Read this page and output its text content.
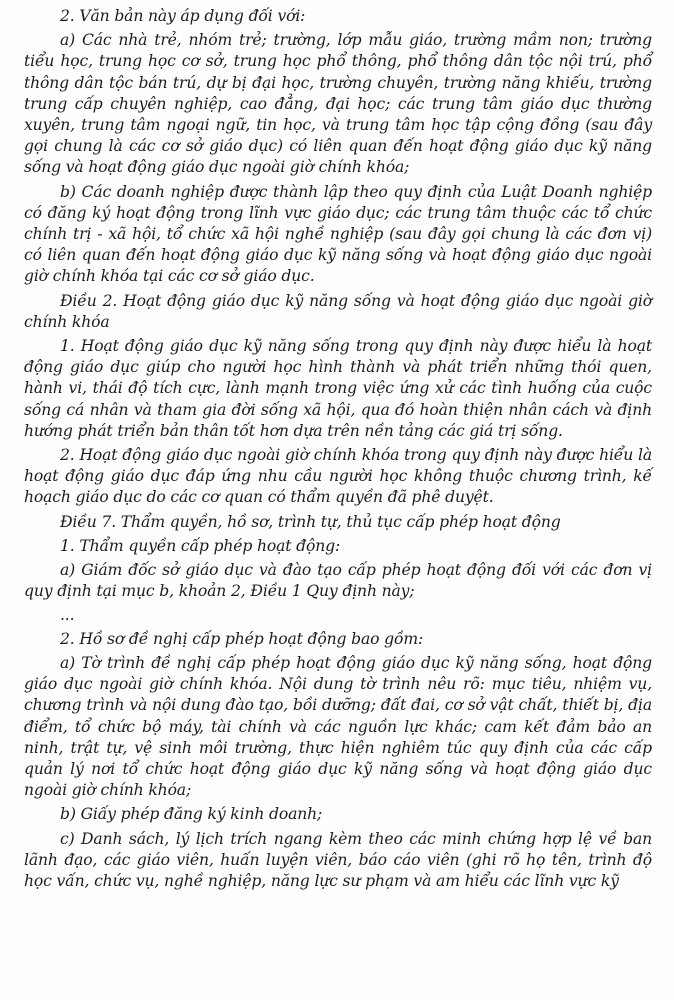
2. Văn bản này áp dụng đối với:

a) Các nhà trẻ, nhóm trẻ; trường, lớp mẫu giáo, trường mầm non; trường tiểu học, trung học cơ sở, trung học phổ thông, phổ thông dân tộc nội trú, phổ thông dân tộc bán trú, dự bị đại học, trường chuyên, trường năng khiếu, trường trung cấp chuyên nghiệp, cao đẳng, đại học; các trung tâm giáo dục thường xuyên, trung tâm ngoại ngữ, tin học, và trung tâm học tập cộng đồng (sau đây gọi chung là các cơ sở giáo dục) có liên quan đến hoạt động giáo dục kỹ năng sống và hoạt động giáo dục ngoài giờ chính khóa;

b) Các doanh nghiệp được thành lập theo quy định của Luật Doanh nghiệp có đăng ký hoạt động trong lĩnh vực giáo dục; các trung tâm thuộc các tổ chức chính trị - xã hội, tổ chức xã hội nghề nghiệp (sau đây gọi chung là các đơn vị) có liên quan đến hoạt động giáo dục kỹ năng sống và hoạt động giáo dục ngoài giờ chính khóa tại các cơ sở giáo dục.

Điều 2. Hoạt động giáo dục kỹ năng sống và hoạt động giáo dục ngoài giờ chính khóa

1. Hoạt động giáo dục kỹ năng sống trong quy định này được hiểu là hoạt động giáo dục giúp cho người học hình thành và phát triển những thói quen, hành vi, thái độ tích cực, lành mạnh trong việc ứng xử các tình huống của cuộc sống cá nhân và tham gia đời sống xã hội, qua đó hoàn thiện nhân cách và định hướng phát triển bản thân tốt hơn dựa trên nền tảng các giá trị sống.

2. Hoạt động giáo dục ngoài giờ chính khóa trong quy định này được hiểu là hoạt động giáo dục đáp ứng nhu cầu người học không thuộc chương trình, kế hoạch giáo dục do các cơ quan có thẩm quyền đã phê duyệt.

Điều 7. Thẩm quyền, hồ sơ, trình tự, thủ tục cấp phép hoạt động

1. Thẩm quyền cấp phép hoạt động:

a) Giám đốc sở giáo dục và đào tạo cấp phép hoạt động đối với các đơn vị quy định tại mục b, khoản 2, Điều 1 Quy định này;

...

2. Hồ sơ đề nghị cấp phép hoạt động bao gồm:

a) Tờ trình đề nghị cấp phép hoạt động giáo dục kỹ năng sống, hoạt động giáo dục ngoài giờ chính khóa. Nội dung tờ trình nêu rõ: mục tiêu, nhiệm vụ, chương trình và nội dung đào tạo, bồi dưỡng; đất đai, cơ sở vật chất, thiết bị, địa điểm, tổ chức bộ máy, tài chính và các nguồn lực khác; cam kết đảm bảo an ninh, trật tự, vệ sinh môi trường, thực hiện nghiêm túc quy định của các cấp quản lý nơi tổ chức hoạt động giáo dục kỹ năng sống và hoạt động giáo dục ngoài giờ chính khóa;

b) Giấy phép đăng ký kinh doanh;

c) Danh sách, lý lịch trích ngang kèm theo các minh chứng hợp lệ về ban lãnh đạo, các giáo viên, huấn luyện viên, báo cáo viên (ghi rõ họ tên, trình độ học vấn, chức vụ, nghề nghiệp, năng lực sư phạm và am hiểu các lĩnh vực kỹ
